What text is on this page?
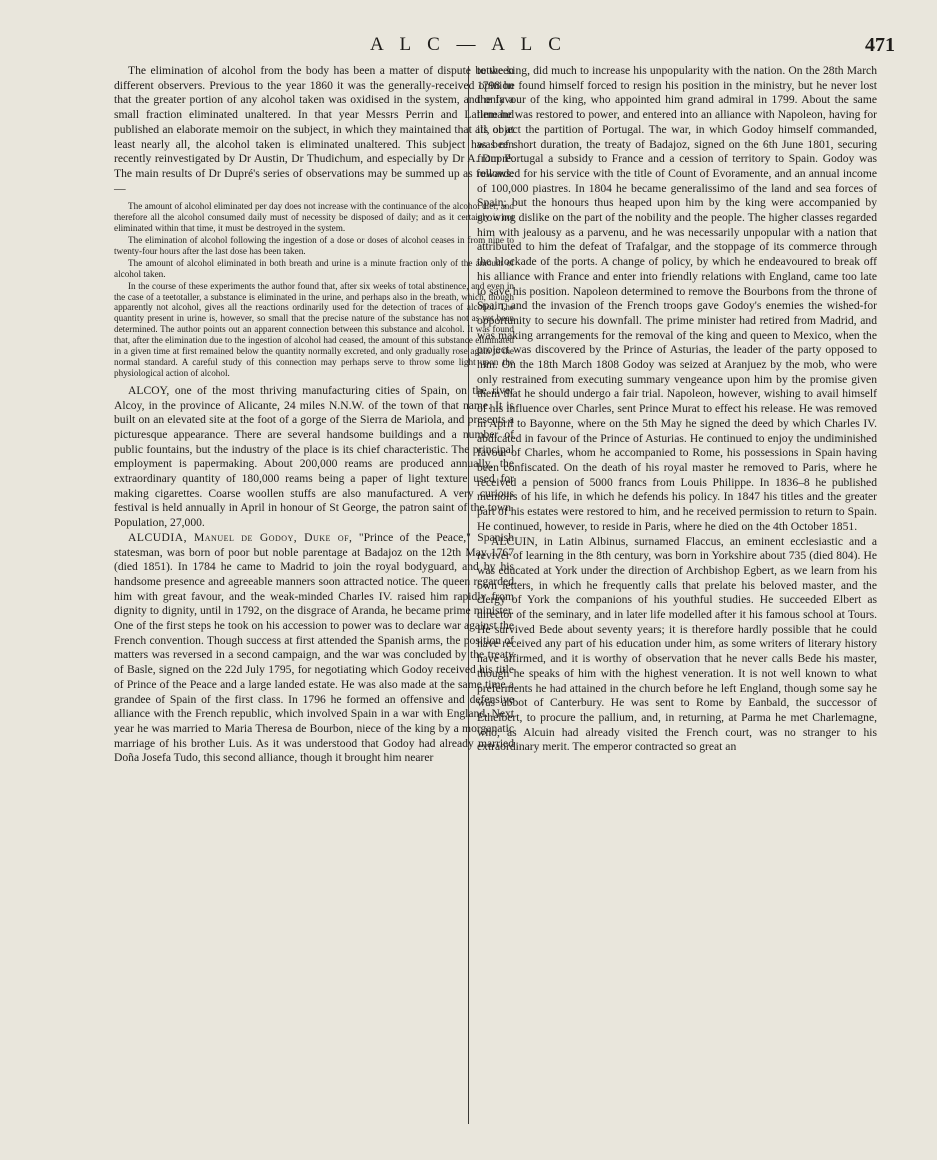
A L C — A L C	471

The elimination of alcohol from the body has been a matter of dispute between different observers. Previous to the year 1860 it was the generally-received opinion that the greater portion of any alcohol taken was oxidised in the system, and only a small fraction eliminated unaltered. In that year Messrs Perrin and Lallemand published an elaborate memoir on the subject, in which they maintained that all, or at least nearly all, the alcohol taken is eliminated unaltered. This subject has been recently reinvestigated by Dr Austin, Dr Thudichum, and especially by Dr A. Dupré. The main results of Dr Dupré's series of observations may be summed up as follows:—

The amount of alcohol eliminated per day does not increase with the continuance of the alcohol diet; and therefore all the alcohol consumed daily must of necessity be disposed of daily; and as it certainly is not eliminated within that time, it must be destroyed in the system.

The elimination of alcohol following the ingestion of a dose or doses of alcohol ceases in from nine to twenty-four hours after the last dose has been taken.

The amount of alcohol eliminated in both breath and urine is a minute fraction only of the amount of alcohol taken.

In the course of these experiments the author found that, after six weeks of total abstinence, and even in the case of a teetotaller, a substance is eliminated in the urine, and perhaps also in the breath, which, though apparently not alcohol, gives all the reactions ordinarily used for the detection of traces of alcohol. The quantity present in urine is, however, so small that the precise nature of the substance has not as yet been determined. The author points out an apparent connection between this substance and alcohol. It was found that, after the elimination due to the ingestion of alcohol had ceased, the amount of this substance eliminated in a given time at first remained below the quantity normally excreted, and only gradually rose again to the normal standard. A careful study of this connection may perhaps serve to throw some light upon the physiological action of alcohol.

ALCOY, one of the most thriving manufacturing cities of Spain, on the river Alcoy, in the province of Alicante, 24 miles N.N.W. of the town of that name. It is built on an elevated site at the foot of a gorge of the Sierra de Mariola, and presents a picturesque appearance. There are several handsome buildings and a number of public fountains, but the industry of the place is its chief characteristic. The principal employment is papermaking. About 200,000 reams are produced annually, the extraordinary quantity of 180,000 reams being a paper of light texture used for making cigarettes. Coarse woollen stuffs are also manufactured. A very curious festival is held annually in April in honour of St George, the patron saint of the town. Population, 27,000.

ALCUDIA, Manuel de Godoy, Duke of, "Prince of the Peace," Spanish statesman, was born of poor but noble parentage at Badajoz on the 12th May 1767 (died 1851). In 1784 he came to Madrid to join the royal bodyguard, and by his handsome presence and agreeable manners soon attracted notice. The queen regarded him with great favour, and the weak-minded Charles IV. raised him rapidly from dignity to dignity, until in 1792, on the disgrace of Aranda, he became prime minister. One of the first steps he took on his accession to power was to declare war against the French convention. Though success at first attended the Spanish arms, the position of matters was reversed in a second campaign, and the war was concluded by the treaty of Basle, signed on the 22d July 1795, for negotiating which Godoy received his title of Prince of the Peace and a large landed estate. He was also made at the same time a grandee of Spain of the first class. In 1796 he formed an offensive and defensive alliance with the French republic, which involved Spain in a war with England. Next year he was married to Maria Theresa de Bourbon, niece of the king by a morganatic marriage of his brother Luis. As it was understood that Godoy had already married Doña Josefa Tudo, this second alliance, though it brought him nearer

to the king, did much to increase his unpopularity with the nation. On the 28th March 1798 he found himself forced to resign his position in the ministry, but he never lost the favour of the king, who appointed him grand admiral in 1799. About the same time he was restored to power, and entered into an alliance with Napoleon, having for its object the partition of Portugal. The war, in which Godoy himself commanded, was of short duration, the treaty of Badajoz, signed on the 6th June 1801, securing from Portugal a subsidy to France and a cession of territory to Spain. Godoy was rewarded for his service with the title of Count of Evoramente, and an annual income of 100,000 piastres. In 1804 he became generalissimo of the land and sea forces of Spain; but the honours thus heaped upon him by the king were accompanied by growing dislike on the part of the nobility and the people. The higher classes regarded him with jealousy as a parvenu, and he was necessarily unpopular with a nation that attributed to him the defeat of Trafalgar, and the stoppage of its commerce through the blockade of the ports. A change of policy, by which he endeavoured to break off his alliance with France and enter into friendly relations with England, came too late to save his position. Napoleon determined to remove the Bourbons from the throne of Spain, and the invasion of the French troops gave Godoy's enemies the wished-for opportunity to secure his downfall. The prime minister had retired from Madrid, and was making arrangements for the removal of the king and queen to Mexico, when the project was discovered by the Prince of Asturias, the leader of the party opposed to him. On the 18th March 1808 Godoy was seized at Aranjuez by the mob, who were only restrained from executing summary vengeance upon him by the promise given them that he should undergo a fair trial. Napoleon, however, wishing to avail himself of his influence over Charles, sent Prince Murat to effect his release. He was removed in April to Bayonne, where on the 5th May he signed the deed by which Charles IV. abdicated in favour of the Prince of Asturias. He continued to enjoy the undiminished favour of Charles, whom he accompanied to Rome, his possessions in Spain having been confiscated. On the death of his royal master he removed to Paris, where he received a pension of 5000 francs from Louis Philippe. In 1836–8 he published memoirs of his life, in which he defends his policy. In 1847 his titles and the greater part of his estates were restored to him, and he received permission to return to Spain. He continued, however, to reside in Paris, where he died on the 4th October 1851.

ALCUIN, in Latin Albinus, surnamed Flaccus, an eminent ecclesiastic and a reviver of learning in the 8th century, was born in Yorkshire about 735 (died 804). He was educated at York under the direction of Archbishop Egbert, as we learn from his own letters, in which he frequently calls that prelate his beloved master, and the clergy of York the companions of his youthful studies. He succeeded Elbert as director of the seminary, and in later life modelled after it his famous school at Tours. He survived Bede about seventy years; it is therefore hardly possible that he could have received any part of his education under him, as some writers of literary history have affirmed, and it is worthy of observation that he never calls Bede his master, though he speaks of him with the highest veneration. It is not well known to what preferments he had attained in the church before he left England, though some say he was abbot of Canterbury. He was sent to Rome by Eanbald, the successor of Ethelbert, to procure the pallium, and, in returning, at Parma he met Charlemagne, who, as Alcuin had already visited the French court, was no stranger to his extraordinary merit. The emperor contracted so great an
